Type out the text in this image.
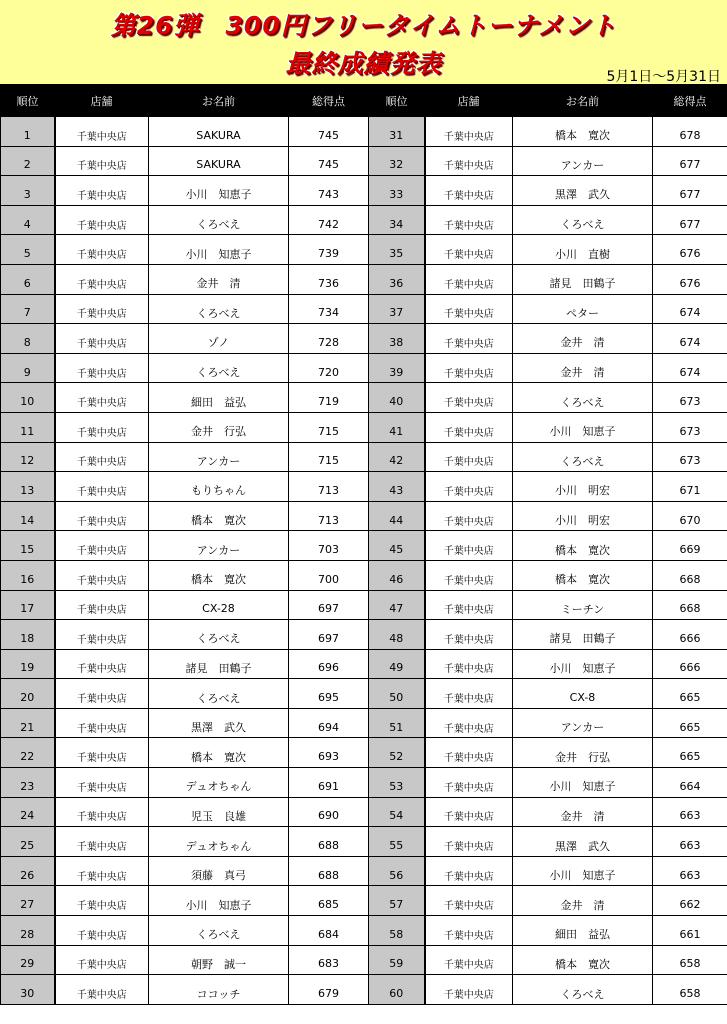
第26弾　300円フリータイムトーナメント
最終成績発表	5月1日～5月31日
順位	店舗	お名前	総得点	順位	店舗	お名前	総得点
1	千葉中央店	SAKURA	745	31	千葉中央店	橋本　寛次	678
2	千葉中央店	SAKURA	745	32	千葉中央店	アンカー	677
3	千葉中央店	小川　知恵子	743	33	千葉中央店	黒澤　武久	677
4	千葉中央店	くろべえ	742	34	千葉中央店	くろべえ	677
5	千葉中央店	小川　知恵子	739	35	千葉中央店	小川　直樹	676
6	千葉中央店	金井　清	736	36	千葉中央店	諸見　田鶴子	676
7	千葉中央店	くろべえ	734	37	千葉中央店	ペター	674
8	千葉中央店	ゾノ	728	38	千葉中央店	金井　清	674
9	千葉中央店	くろべえ	720	39	千葉中央店	金井　清	674
10	千葉中央店	細田　益弘	719	40	千葉中央店	くろべえ	673
11	千葉中央店	金井　行弘	715	41	千葉中央店	小川　知恵子	673
12	千葉中央店	アンカー	715	42	千葉中央店	くろべえ	673
13	千葉中央店	もりちゃん	713	43	千葉中央店	小川　明宏	671
14	千葉中央店	橋本　寛次	713	44	千葉中央店	小川　明宏	670
15	千葉中央店	アンカー	703	45	千葉中央店	橋本　寛次	669
16	千葉中央店	橋本　寛次	700	46	千葉中央店	橋本　寛次	668
17	千葉中央店	CX-28	697	47	千葉中央店	ミーチン	668
18	千葉中央店	くろべえ	697	48	千葉中央店	諸見　田鶴子	666
19	千葉中央店	諸見　田鶴子	696	49	千葉中央店	小川　知恵子	666
20	千葉中央店	くろべえ	695	50	千葉中央店	CX-8	665
21	千葉中央店	黒澤　武久	694	51	千葉中央店	アンカー	665
22	千葉中央店	橋本　寛次	693	52	千葉中央店	金井　行弘	665
23	千葉中央店	デュオちゃん	691	53	千葉中央店	小川　知恵子	664
24	千葉中央店	児玉　良雄	690	54	千葉中央店	金井　清	663
25	千葉中央店	デュオちゃん	688	55	千葉中央店	黒澤　武久	663
26	千葉中央店	須藤　真弓	688	56	千葉中央店	小川　知恵子	663
27	千葉中央店	小川　知恵子	685	57	千葉中央店	金井　清	662
28	千葉中央店	くろべえ	684	58	千葉中央店	細田　益弘	661
29	千葉中央店	朝野　誠一	683	59	千葉中央店	橋本　寛次	658
30	千葉中央店	ココッチ	679	60	千葉中央店	くろべえ	658
